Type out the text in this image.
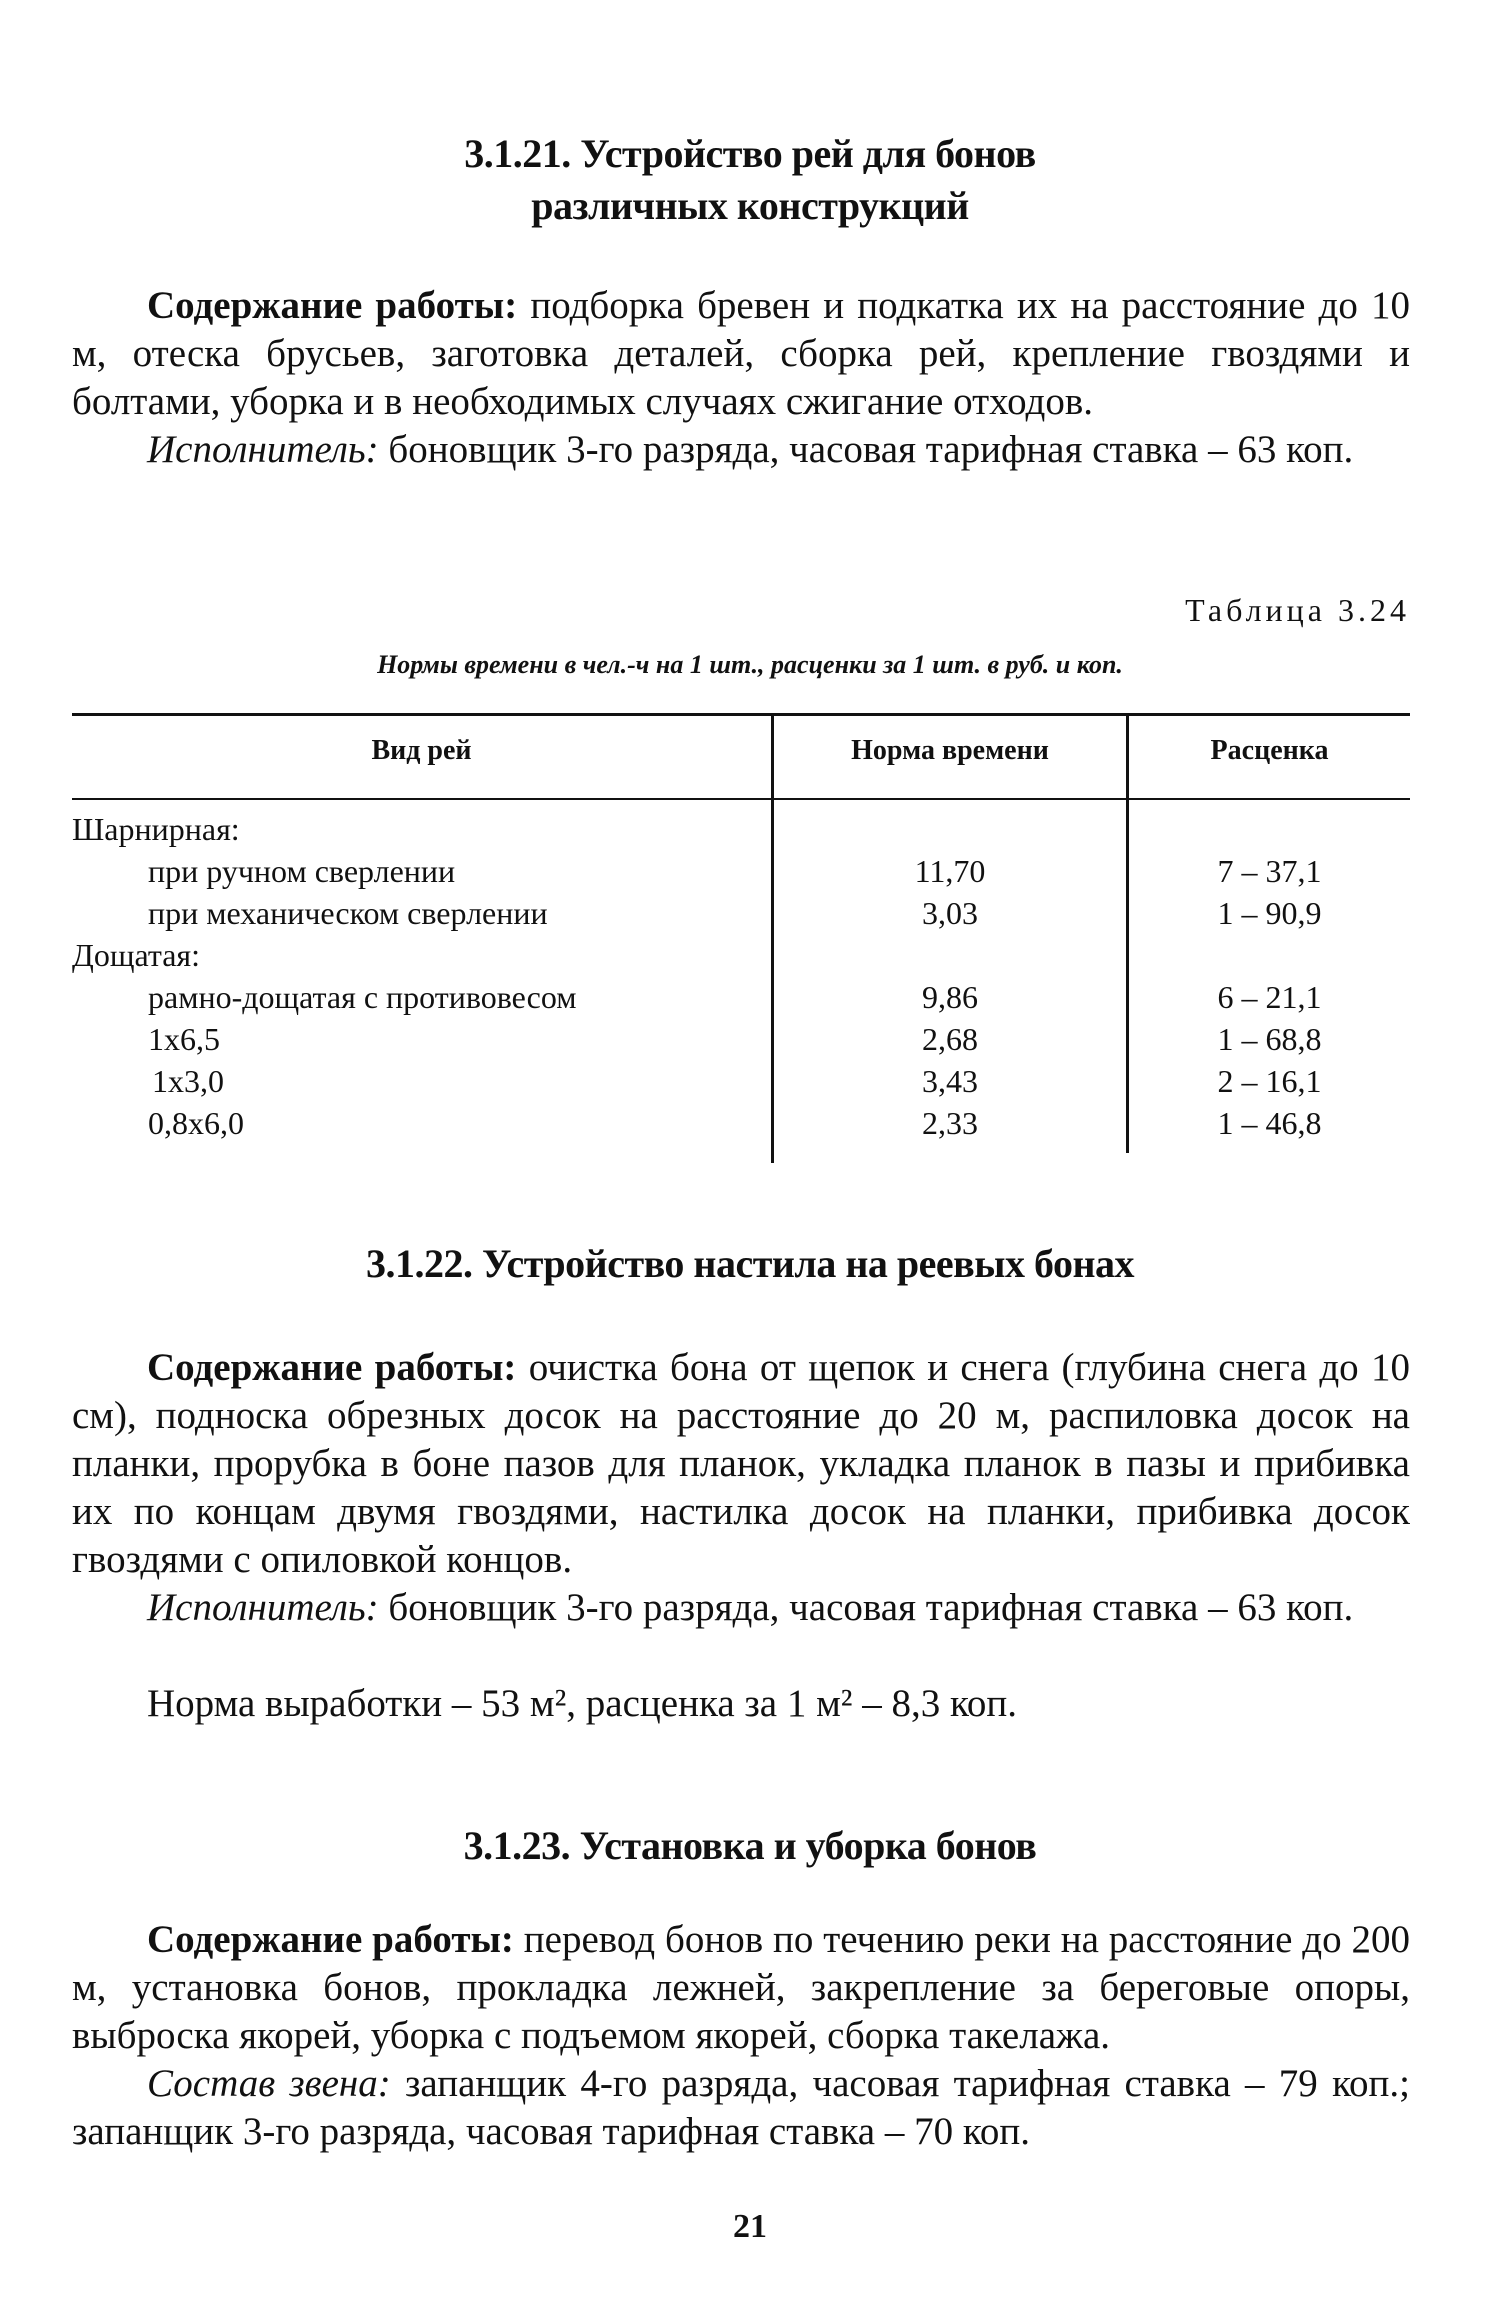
3.1.21. Устройство рей для бонов
различных конструкций

Содержание работы: подборка бревен и подкатка их на расстояние до 10 м, отеска брусьев, заготовка деталей, сборка рей, крепление гвоздями и болтами, уборка и в необходимых случаях сжигание отходов.

Исполнитель: боновщик 3-го разряда, часовая тарифная ставка – 63 коп.

Таблица 3.24
Нормы времени в чел.-ч на 1 шт., расценки за 1 шт. в руб. и коп.
Вид рей	Норма времени	Расценка
Шарнирная:
при ручном сверлении	11,70	7 – 37,1
при механическом сверлении	3,03	1 – 90,9
Дощатая:
рамно-дощатая с противовесом	9,86	6 – 21,1
1х6,5	2,68	1 – 68,8
1х3,0	3,43	2 – 16,1
0,8х6,0	2,33	1 – 46,8
3.1.22. Устройство настила на реевых бонах

Содержание работы: очистка бона от щепок и снега (глубина снега до 10 см), поднoска обрезных досок на расстояние до 20 м, распиловка досок на планки, прорубка в боне пазов для планок, укладка планок в пазы и прибивка их по концам двумя гвоздями, настилка досок на планки, прибивка досок гвоздями с опиловкой концов.

Исполнитель: боновщик 3-го разряда, часовая тарифная ставка – 63 коп.

Норма выработки – 53 м², расценка за 1 м² – 8,3 коп.

3.1.23. Установка и уборка бонов

Содержание работы: перевод бонов по течению реки на расстояние до 200 м, установка бонов, прокладка лежней, закрепление за береговые опоры, выброска якорей, уборка с подъемом якорей, сборка такелажа.

Состав звена: запанщик 4-го разряда, часовая тарифная ставка – 79 коп.; запанщик 3-го разряда, часовая тарифная ставка – 70 коп.

21
